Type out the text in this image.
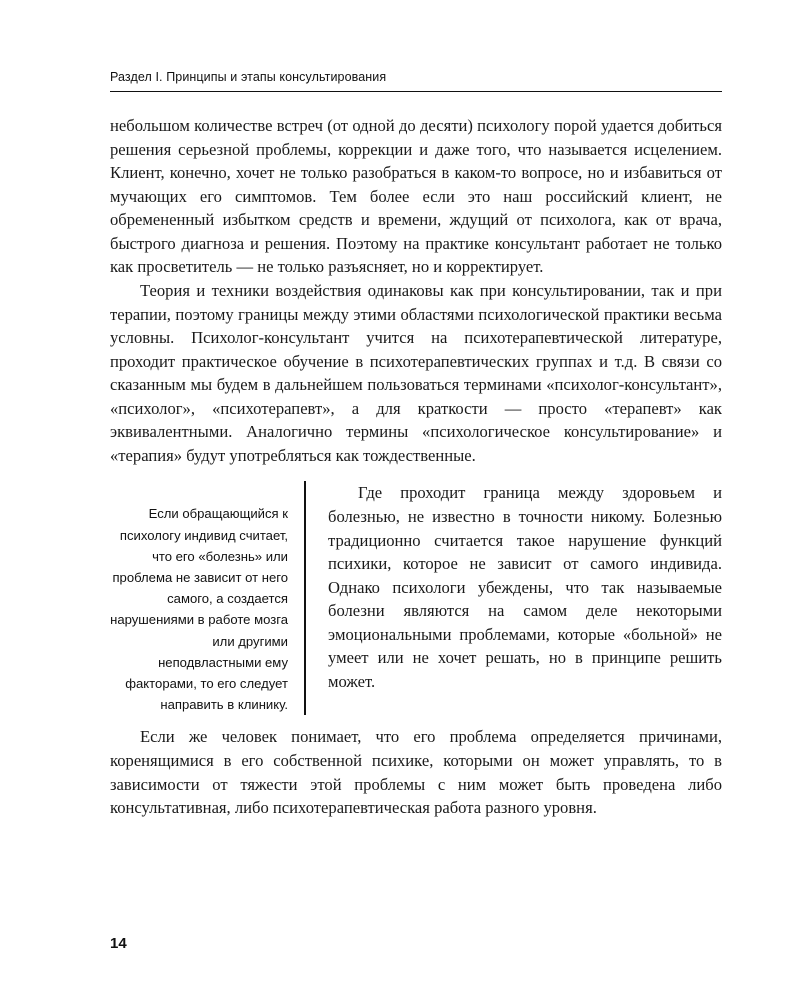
Раздел I. Принципы и этапы консультирования

небольшом количестве встреч (от одной до десяти) психологу порой удается добиться решения серьезной проблемы, коррекции и даже того, что называется исцелением. Клиент, конечно, хочет не только разобраться в каком-то вопросе, но и избавиться от мучающих его симптомов. Тем более если это наш российский клиент, не обремененный избытком средств и времени, ждущий от психолога, как от врача, быстрого диагноза и решения. Поэтому на практике консультант работает не только как просветитель — не только разъясняет, но и корректирует.

Теория и техники воздействия одинаковы как при консультировании, так и при терапии, поэтому границы между этими областями психологической практики весьма условны. Психолог-консультант учится на психотерапевтической литературе, проходит практическое обучение в психотерапевтических группах и т.д. В связи со сказанным мы будем в дальнейшем пользоваться терминами «психолог-консультант», «психолог», «психотерапевт», а для краткости — просто «терапевт» как эквивалентными. Аналогично термины «психологическое консультирование» и «терапия» будут употребляться как тождественные.

Если обращающийся к психологу индивид считает, что его «болезнь» или проблема не зависит от него самого, а создается нарушениями в работе мозга или другими неподвластными ему факторами, то его следует направить в клинику.

Где проходит граница между здоровьем и болезнью, не известно в точности никому. Болезнью традиционно считается такое нарушение функций психики, которое не зависит от самого индивида. Однако психологи убеждены, что так называемые болезни являются на самом деле некоторыми эмоциональными проблемами, которые «больной» не умеет или не хочет решать, но в принципе решить может.

Если же человек понимает, что его проблема определяется причинами, коренящимися в его собственной психике, которыми он может управлять, то в зависимости от тяжести этой проблемы с ним может быть проведена либо консультативная, либо психотерапевтическая работа разного уровня.

14
